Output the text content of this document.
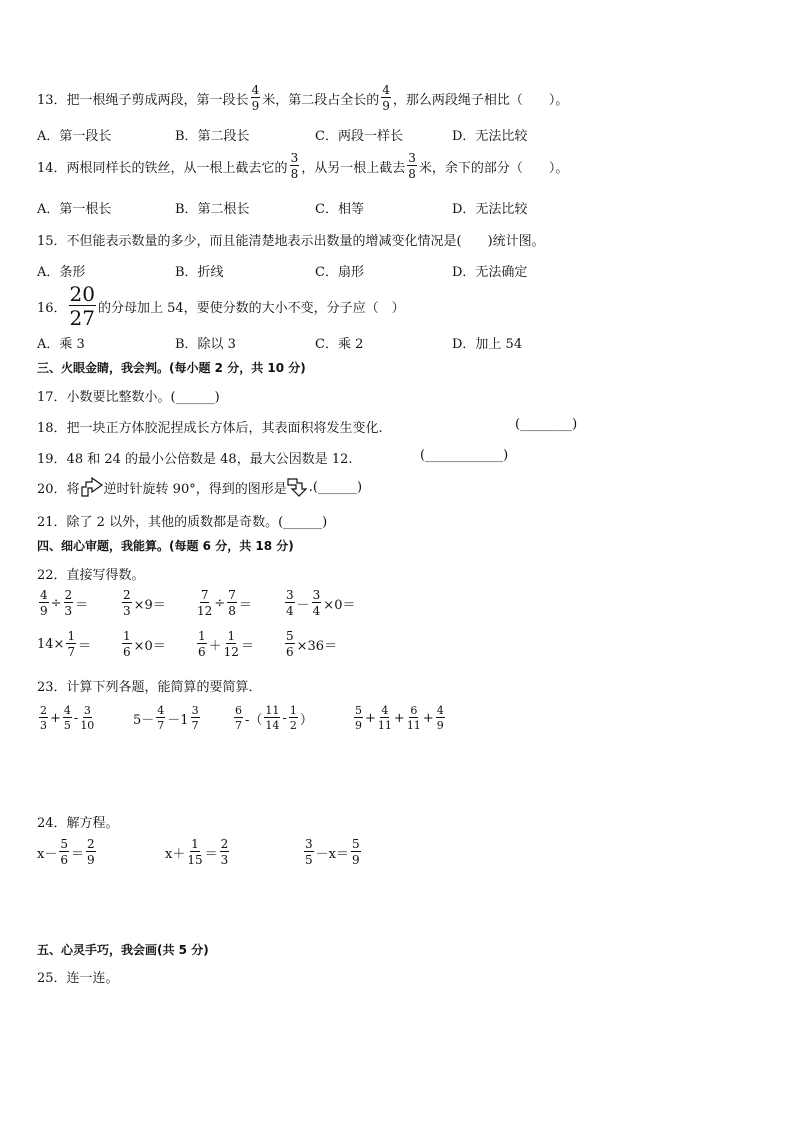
13． 把一根绳子剪成两段，第一段长 $\frac{4}{9}$ 米，第二段占全长的 $\frac{4}{9}$ ，那么两段绳子相比（　　）。
A．第一段长	B．第二段长	C．两段一样长	D．无法比较
14． 两根同样长的铁丝，从一根上截去它的 $\frac{3}{8}$ ，从另一根上截去 $\frac{3}{8}$ 米，余下的部分（　　）。
A．第一根长	B．第二根长	C．相等	D．无法比较
15．不但能表示数量的多少，而且能清楚地表示出数量的增减变化情况是(　　)统计图。
A．条形	B．折线	C．扇形	D．无法确定
16． $\frac{20}{27}$ 的分母加上 54，要使分数的大小不变，分子应（　）
A．乘 3	B．除以 3	C．乘 2	D．加上 54
三、火眼金睛，我会判。(每小题 2 分，共 10 分)
17．小数要比整数小。(______)
18．把一块正方体胶泥捏成长方体后，其表面积将发生变化.	(________)
19．48 和 24 的最小公倍数是 48，最大公因数是 12.	(____________)
20．将 逆时针旋转 90°，得到的图形是 .(______)
21．除了 2 以外，其他的质数都是奇数。(______)
四、细心审题，我能算。(每题 6 分，共 18 分)
22．直接写得数。
$\frac{4}{9} \div \frac{2}{3}$ ＝	$\frac{2}{3} \times 9=$	$\frac{7}{12} \div \frac{7}{8}$ ＝	$\frac{3}{4} - \frac{3}{4} \times 0=$
$14\times \frac{1}{7}$ ＝	$\frac{1}{6} \times 0=$	$\frac{1}{6} + \frac{1}{12}$ ＝	$\frac{5}{6} \times 36=$
23．计算下列各题，能简算的要简算．
$\frac{2}{3} + \frac{4}{5} - \frac{3}{10}$	$5- \frac{4}{7} -1 \frac{3}{7}$	$\frac{6}{7}$ -（ $\frac{11}{14} - \frac{1}{2}$ ）	$\frac{5}{9} + \frac{4}{11} + \frac{6}{11} + \frac{4}{9}$
24．解方程。
$x- \frac{5}{6} = \frac{2}{9}$	$x+ \frac{1}{15} = \frac{2}{3}$	$\frac{3}{5} -x= \frac{5}{9}$
五、心灵手巧，我会画(共 5 分)
25．连一连。
